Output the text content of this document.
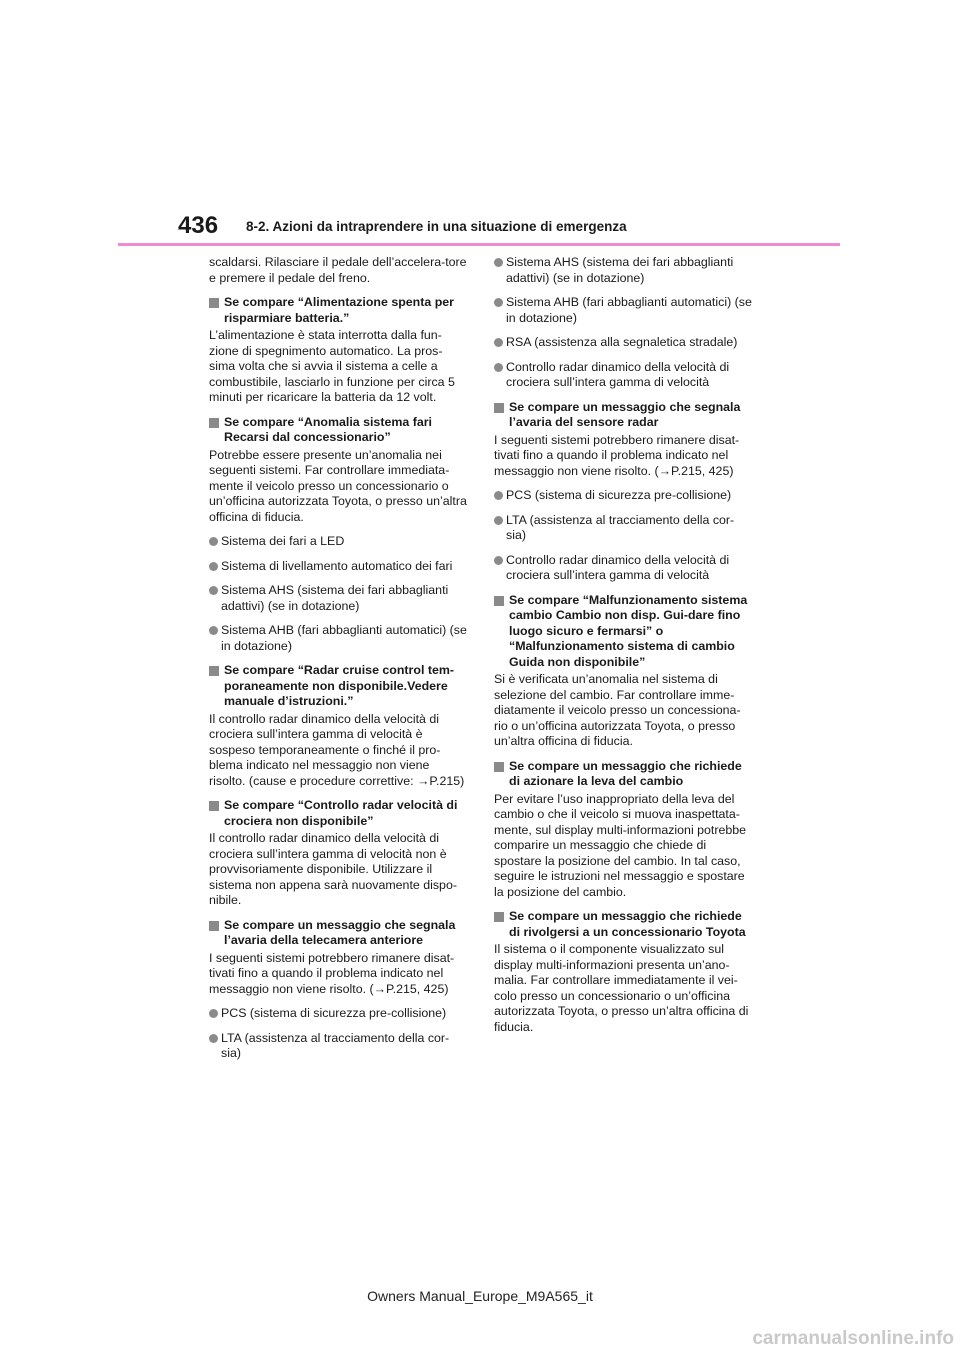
436 8-2. Azioni da intraprendere in una situazione di emergenza
scaldarsi. Rilasciare il pedale dell’accelera-tore e premere il pedale del freno.
Se compare “Alimentazione spenta per risparmiare batteria.”
L’alimentazione è stata interrotta dalla fun-zione di spegnimento automatico. La pros-sima volta che si avvia il sistema a celle a combustibile, lasciarlo in funzione per circa 5 minuti per ricaricare la batteria da 12 volt.
Se compare “Anomalia sistema fari Recarsi dal concessionario”
Potrebbe essere presente un’anomalia nei seguenti sistemi. Far controllare immediata-mente il veicolo presso un concessionario o un’officina autorizzata Toyota, o presso un’altra officina di fiducia.
Sistema dei fari a LED
Sistema di livellamento automatico dei fari
Sistema AHS (sistema dei fari abbaglianti adattivi) (se in dotazione)
Sistema AHB (fari abbaglianti automatici) (se in dotazione)
Se compare “Radar cruise control tem-poraneamente non disponibile.Vedere manuale d’istruzioni.”
Il controllo radar dinamico della velocità di crociera sull’intera gamma di velocità è sospeso temporaneamente o finché il pro-blema indicato nel messaggio non viene risolto. (cause e procedure correttive: →P.215)
Se compare “Controllo radar velocità di crociera non disponibile”
Il controllo radar dinamico della velocità di crociera sull’intera gamma di velocità non è provvisoriamente disponibile. Utilizzare il sistema non appena sarà nuovamente dispo-nibile.
Se compare un messaggio che segnala l’avaria della telecamera anteriore
I seguenti sistemi potrebbero rimanere disat-tivati fino a quando il problema indicato nel messaggio non viene risolto. (→P.215, 425)
PCS (sistema di sicurezza pre-collisione)
LTA (assistenza al tracciamento della cor-sia)
Sistema AHS (sistema dei fari abbaglianti adattivi) (se in dotazione)
Sistema AHB (fari abbaglianti automatici) (se in dotazione)
RSA (assistenza alla segnaletica stradale)
Controllo radar dinamico della velocità di crociera sull’intera gamma di velocità
Se compare un messaggio che segnala l’avaria del sensore radar
I seguenti sistemi potrebbero rimanere disat-tivati fino a quando il problema indicato nel messaggio non viene risolto. (→P.215, 425)
PCS (sistema di sicurezza pre-collisione)
LTA (assistenza al tracciamento della cor-sia)
Controllo radar dinamico della velocità di crociera sull’intera gamma di velocità
Se compare “Malfunzionamento sistema cambio Cambio non disp. Gui-dare fino luogo sicuro e fermarsi” o “Malfunzionamento sistema di cambio Guida non disponibile”
Si è verificata un’anomalia nel sistema di selezione del cambio. Far controllare imme-diatamente il veicolo presso un concessiona-rio o un’officina autorizzata Toyota, o presso un’altra officina di fiducia.
Se compare un messaggio che richiede di azionare la leva del cambio
Per evitare l’uso inappropriato della leva del cambio o che il veicolo si muova inaspettata-mente, sul display multi-informazioni potrebbe comparire un messaggio che chiede di spostare la posizione del cambio. In tal caso, seguire le istruzioni nel messaggio e spostare la posizione del cambio.
Se compare un messaggio che richiede di rivolgersi a un concessionario Toyota
Il sistema o il componente visualizzato sul display multi-informazioni presenta un’ano-malia. Far controllare immediatamente il vei-colo presso un concessionario o un’officina autorizzata Toyota, o presso un’altra officina di fiducia.
Owners Manual_Europe_M9A565_it
carmanualsonline.info
